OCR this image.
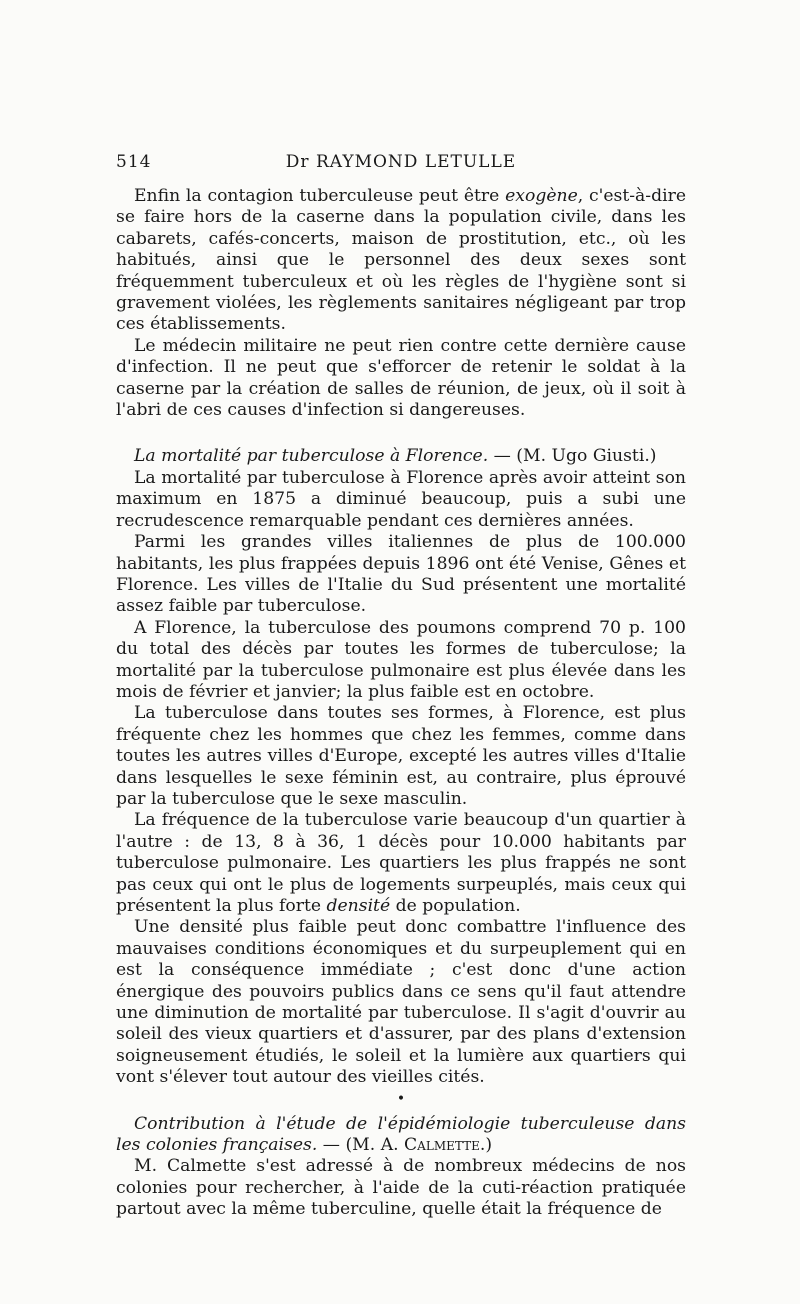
514	Dr RAYMOND LETULLE

Enfin la contagion tuberculeuse peut être exogène, c'est-à-dire se faire hors de la caserne dans la population civile, dans les cabarets, cafés-concerts, maison de prostitution, etc., où les habitués, ainsi que le personnel des deux sexes sont fréquemment tuberculeux et où les règles de l'hygiène sont si gravement violées, les règlements sanitaires négligeant par trop ces établissements.

Le médecin militaire ne peut rien contre cette dernière cause d'infection. Il ne peut que s'efforcer de retenir le soldat à la caserne par la création de salles de réunion, de jeux, où il soit à l'abri de ces causes d'infection si dangereuses.

La mortalité par tuberculose à Florence. — (M. Ugo Giusti.)

La mortalité par tuberculose à Florence après avoir atteint son maximum en 1875 a diminué beaucoup, puis a subi une recrudescence remarquable pendant ces dernières années.

Parmi les grandes villes italiennes de plus de 100.000 habitants, les plus frappées depuis 1896 ont été Venise, Gênes et Florence. Les villes de l'Italie du Sud présentent une mortalité assez faible par tuberculose.

A Florence, la tuberculose des poumons comprend 70 p. 100 du total des décès par toutes les formes de tuberculose; la mortalité par la tuberculose pulmonaire est plus élevée dans les mois de février et janvier; la plus faible est en octobre.

La tuberculose dans toutes ses formes, à Florence, est plus fréquente chez les hommes que chez les femmes, comme dans toutes les autres villes d'Europe, excepté les autres villes d'Italie dans lesquelles le sexe féminin est, au contraire, plus éprouvé par la tuberculose que le sexe masculin.

La fréquence de la tuberculose varie beaucoup d'un quartier à l'autre : de 13, 8 à 36, 1 décès pour 10.000 habitants par tuberculose pulmonaire. Les quartiers les plus frappés ne sont pas ceux qui ont le plus de logements surpeuplés, mais ceux qui présentent la plus forte densité de population.

Une densité plus faible peut donc combattre l'influence des mauvaises conditions économiques et du surpeuplement qui en est la conséquence immédiate ; c'est donc d'une action énergique des pouvoirs publics dans ce sens qu'il faut attendre une diminution de mortalité par tuberculose. Il s'agit d'ouvrir au soleil des vieux quartiers et d'assurer, par des plans d'extension soigneusement étudiés, le soleil et la lumière aux quartiers qui vont s'élever tout autour des vieilles cités.

•

Contribution à l'étude de l'épidémiologie tuberculeuse dans les colonies françaises. — (M. A. Calmette.)

M. Calmette s'est adressé à de nombreux médecins de nos colonies pour rechercher, à l'aide de la cuti-réaction pratiquée partout avec la même tuberculine, quelle était la fréquence de
